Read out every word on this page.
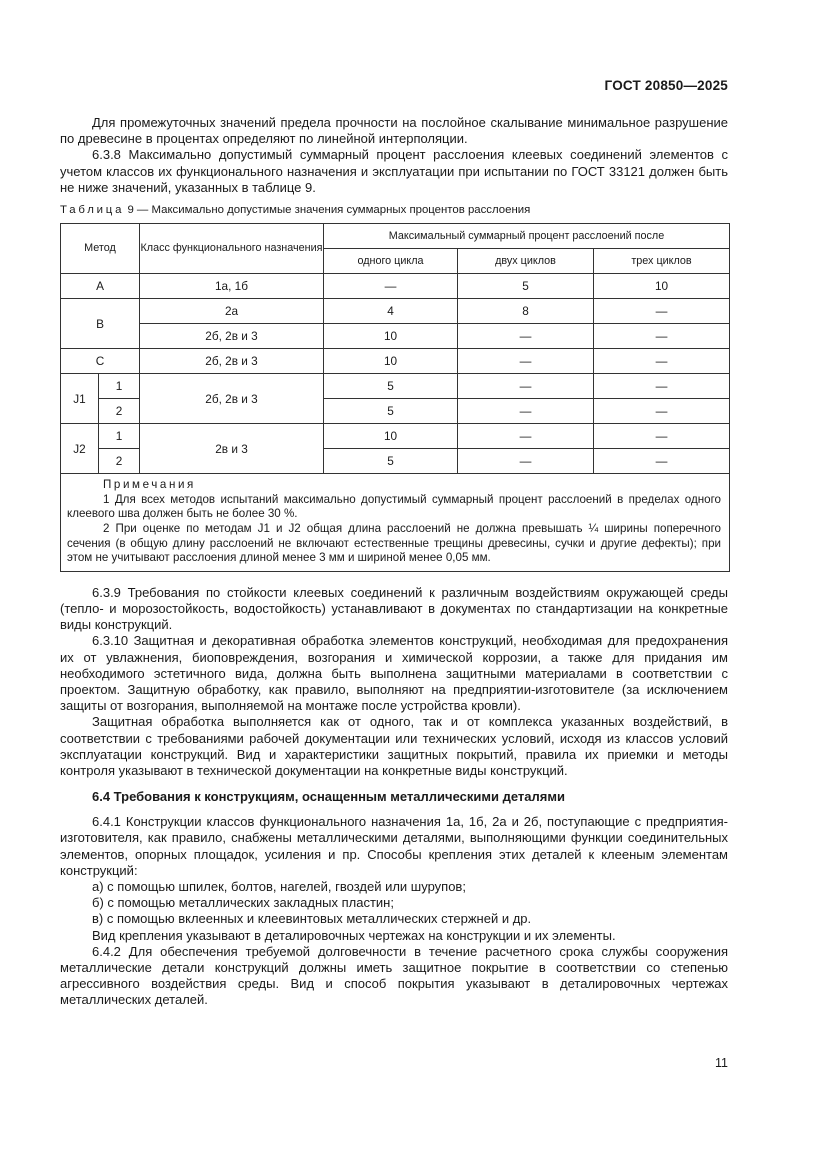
ГОСТ 20850—2025

Для промежуточных значений предела прочности на послойное скалывание минимальное разрушение по древесине в процентах определяют по линейной интерполяции.

6.3.8 Максимально допустимый суммарный процент расслоения клеевых соединений элементов с учетом классов их функционального назначения и эксплуатации при испытании по ГОСТ 33121 должен быть не ниже значений, указанных в таблице 9.

Таблица 9 — Максимально допустимые значения суммарных процентов расслоения

Метод		Класс функционального назначения	Максимальный суммарный процент расслоений после		
			одного цикла	двух циклов	трех циклов
A		1а, 1б	—	5	10
B		2а	4	8	—
		2б, 2в и 3	10	—	—
C		2б, 2в и 3	10	—	—
J1	1	2б, 2в и 3	5	—	—
	2		5	—	—
J2	1	2в и 3	10	—	—
	2		5	—	—

Примечания

1 Для всех методов испытаний максимально допустимый суммарный процент расслоений в пределах одного клеевого шва должен быть не более 30 %.

2 При оценке по методам J1 и J2 общая длина расслоений не должна превышать ¼ ширины поперечного сечения (в общую длину расслоений не включают естественные трещины древесины, сучки и другие дефекты); при этом не учитывают расслоения длиной менее 3 мм и шириной менее 0,05 мм.					

6.3.9 Требования по стойкости клеевых соединений к различным воздействиям окружающей среды (тепло- и морозостойкость, водостойкость) устанавливают в документах по стандартизации на конкретные виды конструкций.

6.3.10 Защитная и декоративная обработка элементов конструкций, необходимая для предохранения их от увлажнения, биоповреждения, возгорания и химической коррозии, а также для придания им необходимого эстетичного вида, должна быть выполнена защитными материалами в соответствии с проектом. Защитную обработку, как правило, выполняют на предприятии-изготовителе (за исключением защиты от возгорания, выполняемой на монтаже после устройства кровли).

Защитная обработка выполняется как от одного, так и от комплекса указанных воздействий, в соответствии с требованиями рабочей документации или технических условий, исходя из классов условий эксплуатации конструкций. Вид и характеристики защитных покрытий, правила их приемки и методы контроля указывают в технической документации на конкретные виды конструкций.

6.4 Требования к конструкциям, оснащенным металлическими деталями

6.4.1 Конструкции классов функционального назначения 1а, 1б, 2а и 2б, поступающие с предприятия-изготовителя, как правило, снабжены металлическими деталями, выполняющими функции соединительных элементов, опорных площадок, усиления и пр. Способы крепления этих деталей к клееным элементам конструкций:

а) с помощью шпилек, болтов, нагелей, гвоздей или шурупов;

б) с помощью металлических закладных пластин;

в) с помощью вклеенных и клеевинтовых металлических стержней и др.

Вид крепления указывают в деталировочных чертежах на конструкции и их элементы.

6.4.2 Для обеспечения требуемой долговечности в течение расчетного срока службы сооружения металлические детали конструкций должны иметь защитное покрытие в соответствии со степенью агрессивного воздействия среды. Вид и способ покрытия указывают в деталировочных чертежах металлических деталей.

11
